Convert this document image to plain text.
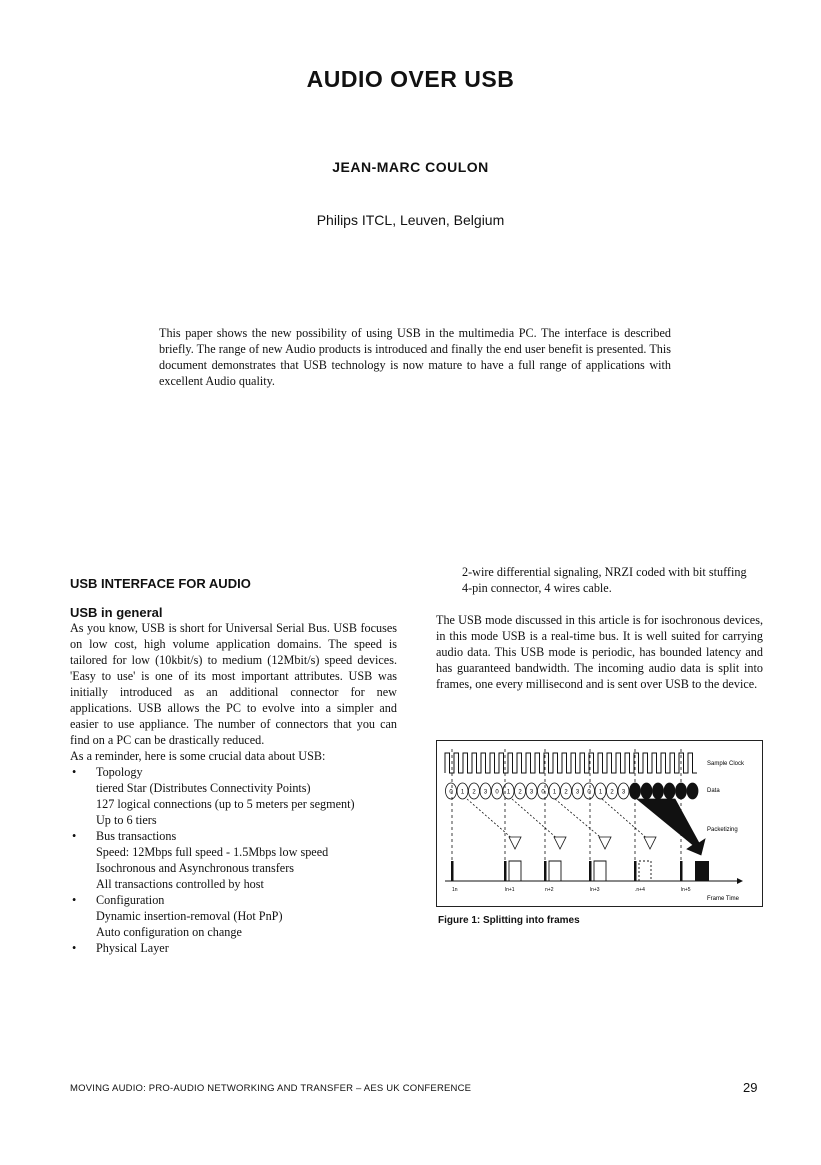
AUDIO OVER USB
JEAN-MARC COULON
Philips ITCL, Leuven, Belgium

This paper shows the new possibility of using USB in the multimedia PC. The interface is described briefly. The range of new Audio products is introduced and finally the end user benefit is presented. This document demonstrates that USB technology is now mature to have a full range of applications with excellent Audio quality.

USB INTERFACE FOR AUDIO

USB in general

As you know, USB is short for Universal Serial Bus. USB focuses on low cost, high volume application domains. The speed is tailored for low (10kbit/s) to medium (12Mbit/s) speed devices. 'Easy to use' is one of its most important attributes. USB was initially introduced as an additional connector for new applications. USB allows the PC to evolve into a simpler and easier to use appliance. The number of connectors that you can find on a PC can be drastically reduced.

As a reminder, here is some crucial data about USB:

• Topology
tiered Star (Distributes Connectivity Points)
127 logical connections (up to 5 meters per segment)
Up to 6 tiers
• Bus transactions
Speed: 12Mbps full speed - 1.5Mbps low speed
Isochronous and Asynchronous transfers
All transactions controlled by host
• Configuration
Dynamic insertion-removal (Hot PnP)
Auto configuration on change
• Physical Layer
2-wire differential signaling, NRZI coded with bit stuffing
4-pin connector, 4 wires cable.

The USB mode discussed in this article is for isochronous devices, in this mode USB is a real-time bus. It is well suited for carrying audio data. This USB mode is periodic, has bounded latency and has guaranteed bandwidth. The incoming audio data is split into frames, one every millisecond and is sent over USB to the device.

0 1 2 3 0 1 2 3 0 1 2 3 0 1 2 3
1n	ln+1	n+2	ln+3	.n+4	ln+5
Sample Clock
Data
Packetizing
Frame Time
Figure 1: Splitting into frames
MOVING AUDIO: PRO-AUDIO NETWORKING AND TRANSFER – AES UK CONFERENCE	29
